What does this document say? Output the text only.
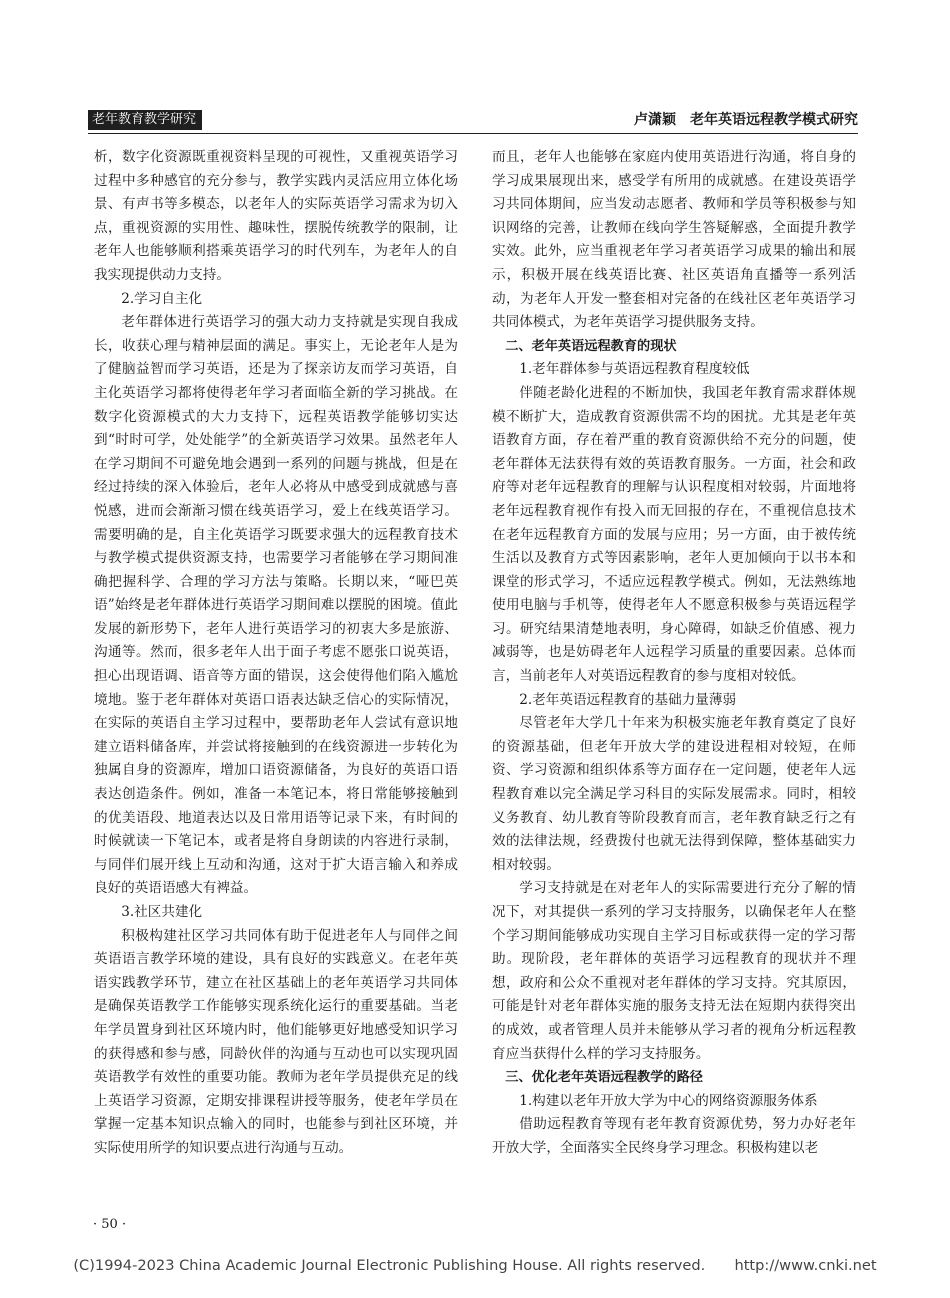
老年教育教学研究	卢潇颖　老年英语远程教学模式研究

析，数字化资源既重视资料呈现的可视性，又重视英语学习过程中多种感官的充分参与，教学实践内灵活应用立体化场景、有声书等多模态，以老年人的实际英语学习需求为切入点，重视资源的实用性、趣味性，摆脱传统教学的限制，让老年人也能够顺利搭乘英语学习的时代列车，为老年人的自我实现提供动力支持。

2.学习自主化

老年群体进行英语学习的强大动力支持就是实现自我成长，收获心理与精神层面的满足。事实上，无论老年人是为了健脑益智而学习英语，还是为了探亲访友而学习英语，自主化英语学习都将使得老年学习者面临全新的学习挑战。在数字化资源模式的大力支持下，远程英语教学能够切实达到“时时可学，处处能学”的全新英语学习效果。虽然老年人在学习期间不可避免地会遇到一系列的问题与挑战，但是在经过持续的深入体验后，老年人必将从中感受到成就感与喜悦感，进而会渐渐习惯在线英语学习，爱上在线英语学习。需要明确的是，自主化英语学习既要求强大的远程教育技术与教学模式提供资源支持，也需要学习者能够在学习期间准确把握科学、合理的学习方法与策略。长期以来，“哑巴英语”始终是老年群体进行英语学习期间难以摆脱的困境。值此发展的新形势下，老年人进行英语学习的初衷大多是旅游、沟通等。然而，很多老年人出于面子考虑不愿张口说英语，担心出现语调、语音等方面的错误，这会使得他们陷入尴尬境地。鉴于老年群体对英语口语表达缺乏信心的实际情况，在实际的英语自主学习过程中，要帮助老年人尝试有意识地建立语料储备库，并尝试将接触到的在线资源进一步转化为独属自身的资源库，增加口语资源储备，为良好的英语口语表达创造条件。例如，准备一本笔记本，将日常能够接触到的优美语段、地道表达以及日常用语等记录下来，有时间的时候就读一下笔记本，或者是将自身朗读的内容进行录制，与同伴们展开线上互动和沟通，这对于扩大语言输入和养成良好的英语语感大有裨益。

3.社区共建化

积极构建社区学习共同体有助于促进老年人与同伴之间英语语言教学环境的建设，具有良好的实践意义。在老年英语实践教学环节，建立在社区基础上的老年英语学习共同体是确保英语教学工作能够实现系统化运行的重要基础。当老年学员置身到社区环境内时，他们能够更好地感受知识学习的获得感和参与感，同龄伙伴的沟通与互动也可以实现巩固英语教学有效性的重要功能。教师为老年学员提供充足的线上英语学习资源，定期安排课程讲授等服务，使老年学员在掌握一定基本知识点输入的同时，也能参与到社区环境，并实际使用所学的知识要点进行沟通与互动。

而且，老年人也能够在家庭内使用英语进行沟通，将自身的学习成果展现出来，感受学有所用的成就感。在建设英语学习共同体期间，应当发动志愿者、教师和学员等积极参与知识网络的完善，让教师在线向学生答疑解惑，全面提升教学实效。此外，应当重视老年学习者英语学习成果的输出和展示，积极开展在线英语比赛、社区英语角直播等一系列活动，为老年人开发一整套相对完备的在线社区老年英语学习共同体模式，为老年英语学习提供服务支持。

二、老年英语远程教育的现状

1.老年群体参与英语远程教育程度较低

伴随老龄化进程的不断加快，我国老年教育需求群体规模不断扩大，造成教育资源供需不均的困扰。尤其是老年英语教育方面，存在着严重的教育资源供给不充分的问题，使老年群体无法获得有效的英语教育服务。一方面，社会和政府等对老年远程教育的理解与认识程度相对较弱，片面地将老年远程教育视作有投入而无回报的存在，不重视信息技术在老年远程教育方面的发展与应用；另一方面，由于被传统生活以及教育方式等因素影响，老年人更加倾向于以书本和课堂的形式学习，不适应远程教学模式。例如，无法熟练地使用电脑与手机等，使得老年人不愿意积极参与英语远程学习。研究结果清楚地表明，身心障碍，如缺乏价值感、视力减弱等，也是妨碍老年人远程学习质量的重要因素。总体而言，当前老年人对英语远程教育的参与度相对较低。

2.老年英语远程教育的基础力量薄弱

尽管老年大学几十年来为积极实施老年教育奠定了良好的资源基础，但老年开放大学的建设进程相对较短，在师资、学习资源和组织体系等方面存在一定问题，使老年人远程教育难以完全满足学习科目的实际发展需求。同时，相较义务教育、幼儿教育等阶段教育而言，老年教育缺乏行之有效的法律法规，经费拨付也就无法得到保障，整体基础实力相对较弱。

学习支持就是在对老年人的实际需要进行充分了解的情况下，对其提供一系列的学习支持服务，以确保老年人在整个学习期间能够成功实现自主学习目标或获得一定的学习帮助。现阶段，老年群体的英语学习远程教育的现状并不理想，政府和公众不重视对老年群体的学习支持。究其原因，可能是针对老年群体实施的服务支持无法在短期内获得突出的成效，或者管理人员并未能够从学习者的视角分析远程教育应当获得什么样的学习支持服务。

三、优化老年英语远程教学的路径

1.构建以老年开放大学为中心的网络资源服务体系

借助远程教育等现有老年教育资源优势，努力办好老年开放大学，全面落实全民终身学习理念。积极构建以老

· 50 ·
(C)1994-2023 China Academic Journal Electronic Publishing House. All rights reserved.　　http://www.cnki.net
